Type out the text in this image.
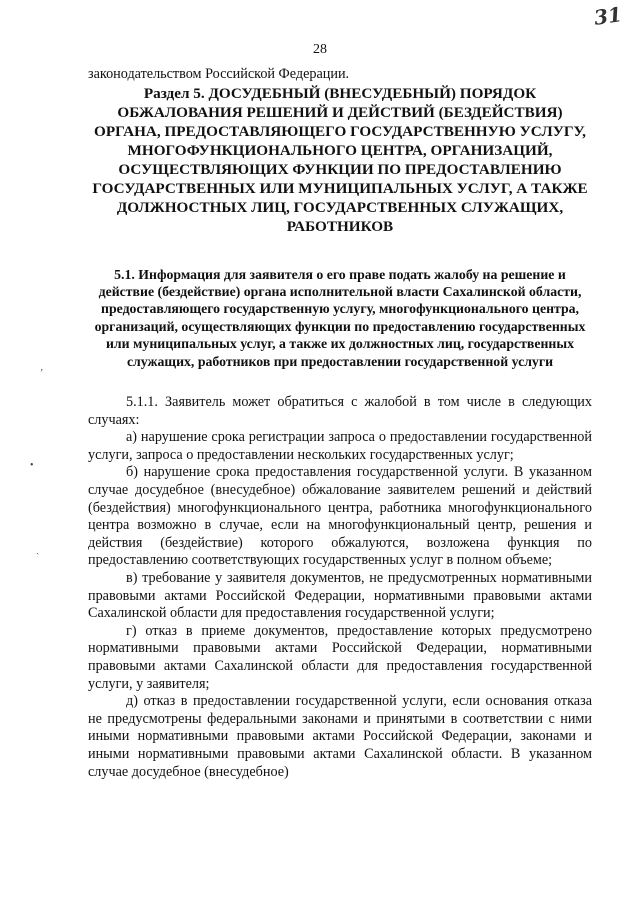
31
28
ʼ
•
ˎ

законодательством Российской Федерации.

Раздел 5. ДОСУДЕБНЫЙ (ВНЕСУДЕБНЫЙ) ПОРЯДОК ОБЖАЛОВАНИЯ РЕШЕНИЙ И ДЕЙСТВИЙ (БЕЗДЕЙСТВИЯ) ОРГАНА, ПРЕДОСТАВЛЯЮЩЕГО ГОСУДАРСТВЕННУЮ УСЛУГУ, МНОГОФУНКЦИОНАЛЬНОГО ЦЕНТРА, ОРГАНИЗАЦИЙ, ОСУЩЕСТВЛЯЮЩИХ ФУНКЦИИ ПО ПРЕДОСТАВЛЕНИЮ ГОСУДАРСТВЕННЫХ ИЛИ МУНИЦИПАЛЬНЫХ УСЛУГ, А ТАКЖЕ ДОЛЖНОСТНЫХ ЛИЦ, ГОСУДАРСТВЕННЫХ СЛУЖАЩИХ, РАБОТНИКОВ
5.1. Информация для заявителя о его праве подать жалобу на решение и действие (бездействие) органа исполнительной власти Сахалинской области, предоставляющего государственную услугу, многофункционального центра, организаций, осуществляющих функции по предоставлению государственных или муниципальных услуг, а также их должностных лиц, государственных служащих, работников при предоставлении государственной услуги

5.1.1. Заявитель может обратиться с жалобой в том числе в следующих случаях:

а) нарушение срока регистрации запроса о предоставлении государственной услуги, запроса о предоставлении нескольких государственных услуг;

б) нарушение срока предоставления государственной услуги. В указанном случае досудебное (внесудебное) обжалование заявителем решений и действий (бездействия) многофункционального центра, работника многофункционального центра возможно в случае, если на многофункциональный центр, решения и действия (бездействие) которого обжалуются, возложена функция по предоставлению соответствующих государственных услуг в полном объеме;

в) требование у заявителя документов, не предусмотренных нормативными правовыми актами Российской Федерации, нормативными правовыми актами Сахалинской области для предоставления государственной услуги;

г) отказ в приеме документов, предоставление которых предусмотрено нормативными правовыми актами Российской Федерации, нормативными правовыми актами Сахалинской области для предоставления государственной услуги, у заявителя;

д) отказ в предоставлении государственной услуги, если основания отказа не предусмотрены федеральными законами и принятыми в соответствии с ними иными нормативными правовыми актами Российской Федерации, законами и иными нормативными правовыми актами Сахалинской области. В указанном случае досудебное (внесудебное)
